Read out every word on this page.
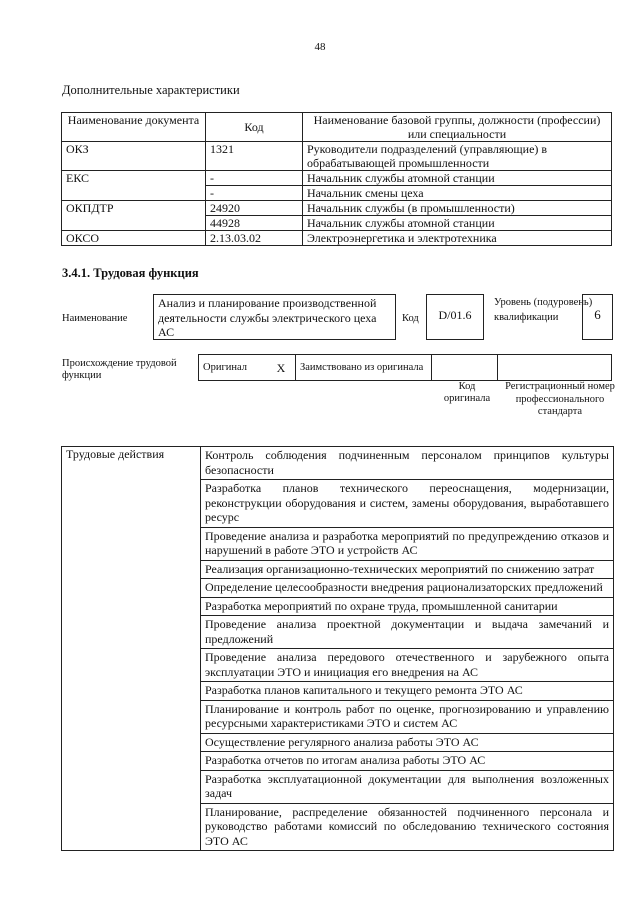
48
Дополнительные характеристики
Наименование документа	Код	Наименование базовой группы, должности (профессии) или специальности
ОКЗ	1321	Руководители подразделений (управляющие) в обрабатывающей промышленности
ЕКС	-	Начальник службы атомной станции
	-	Начальник смены цеха
ОКПДТР	24920	Начальник службы (в промышленности)
	44928	Начальник службы атомной станции
ОКСО	2.13.03.02	Электроэнергетика и электротехника
3.4.1. Трудовая функция
Наименование
Анализ и планирование производственной деятельности службы электрического цеха АС
Код	D/01.6
Уровень (подуровень) квалификации	6
Происхождение трудовой функции
Оригинал	X	Заимствовано из оригинала		
Код оригинала
Регистрационный номер профессионального стандарта
Трудовые действия	Контроль соблюдения подчиненным персоналом принципов культуры безопасности
Разработка планов технического переоснащения, модернизации, реконструкции оборудования и систем, замены оборудования, выработавшего ресурс
Проведение анализа и разработка мероприятий по предупреждению отказов и нарушений в работе ЭТО и устройств АС
Реализация организационно-технических мероприятий по снижению затрат
Определение целесообразности внедрения рационализаторских предложений
Разработка мероприятий по охране труда, промышленной санитарии
Проведение анализа проектной документации и выдача замечаний и предложений
Проведение анализа передового отечественного и зарубежного опыта эксплуатации ЭТО и инициация его внедрения на АС
Разработка планов капитального и текущего ремонта ЭТО АС
Планирование и контроль работ по оценке, прогнозированию и управлению ресурсными характеристиками ЭТО и систем АС
Осуществление регулярного анализа работы ЭТО АС
Разработка отчетов по итогам анализа работы ЭТО АС
Разработка эксплуатационной документации для выполнения возложенных задач
Планирование, распределение обязанностей подчиненного персонала и руководство работами комиссий по обследованию технического состояния ЭТО АС
